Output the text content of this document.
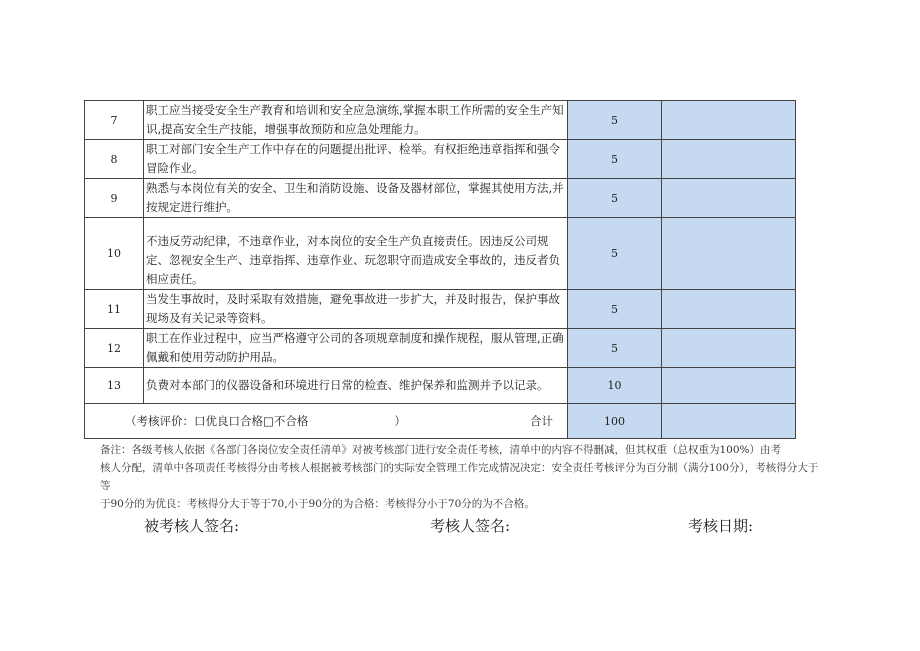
7	职工应当接受安全生产教育和培训和安全应急演练,掌握本职工作所需的安全生产知识,提高安全生产技能，增强事故预防和应急处理能力。	5	
8	职工对部门安全生产工作中存在的问题提出批评、检举。有权拒绝违章指挥和强令冒险作业。	5	
9	熟悉与本岗位有关的安全、卫生和消防设施、设备及器材部位，掌握其使用方法,并按规定进行维护。	5	
10	不违反劳动纪律，不违章作业，对本岗位的安全生产负直接责任。因违反公司规定、忽视安全生产、违章指挥、违章作业、玩忽职守而造成安全事故的，违反者负相应责任。	5	
11	当发生事故时，及时采取有效措施，避免事故进一步扩大，并及时报告，保护事故现场及有关记录等资料。	5	
12	职工在作业过程中，应当严格遵守公司的各项规章制度和操作规程，服从管理,正确佩戴和使用劳动防护用品。	5	
13	负费对本部门的仪器设备和环境进行日常的检查、维护保养和监测并予以记录。	10	

（考核评价：口优良口合格□不合格 ） 合计		100	
备注：各级考核人依据《各部门各岗位安全责任清单》对被考核部门进行安全责任考核，清单中的内容不得删减，但其权重（总权重为100%）由考
核人分配，清单中各项责任考核得分由考核人根据被考核部门的实际安全管理工作完成情况决定：安全责任考核评分为百分制（满分100分），考核得分大于等
于90分的为优良：考核得分大于等于70,小于90分的为合格：考核得分小于70分的为不合格。
被考核人签名:	考核人签名:	考核日期:
